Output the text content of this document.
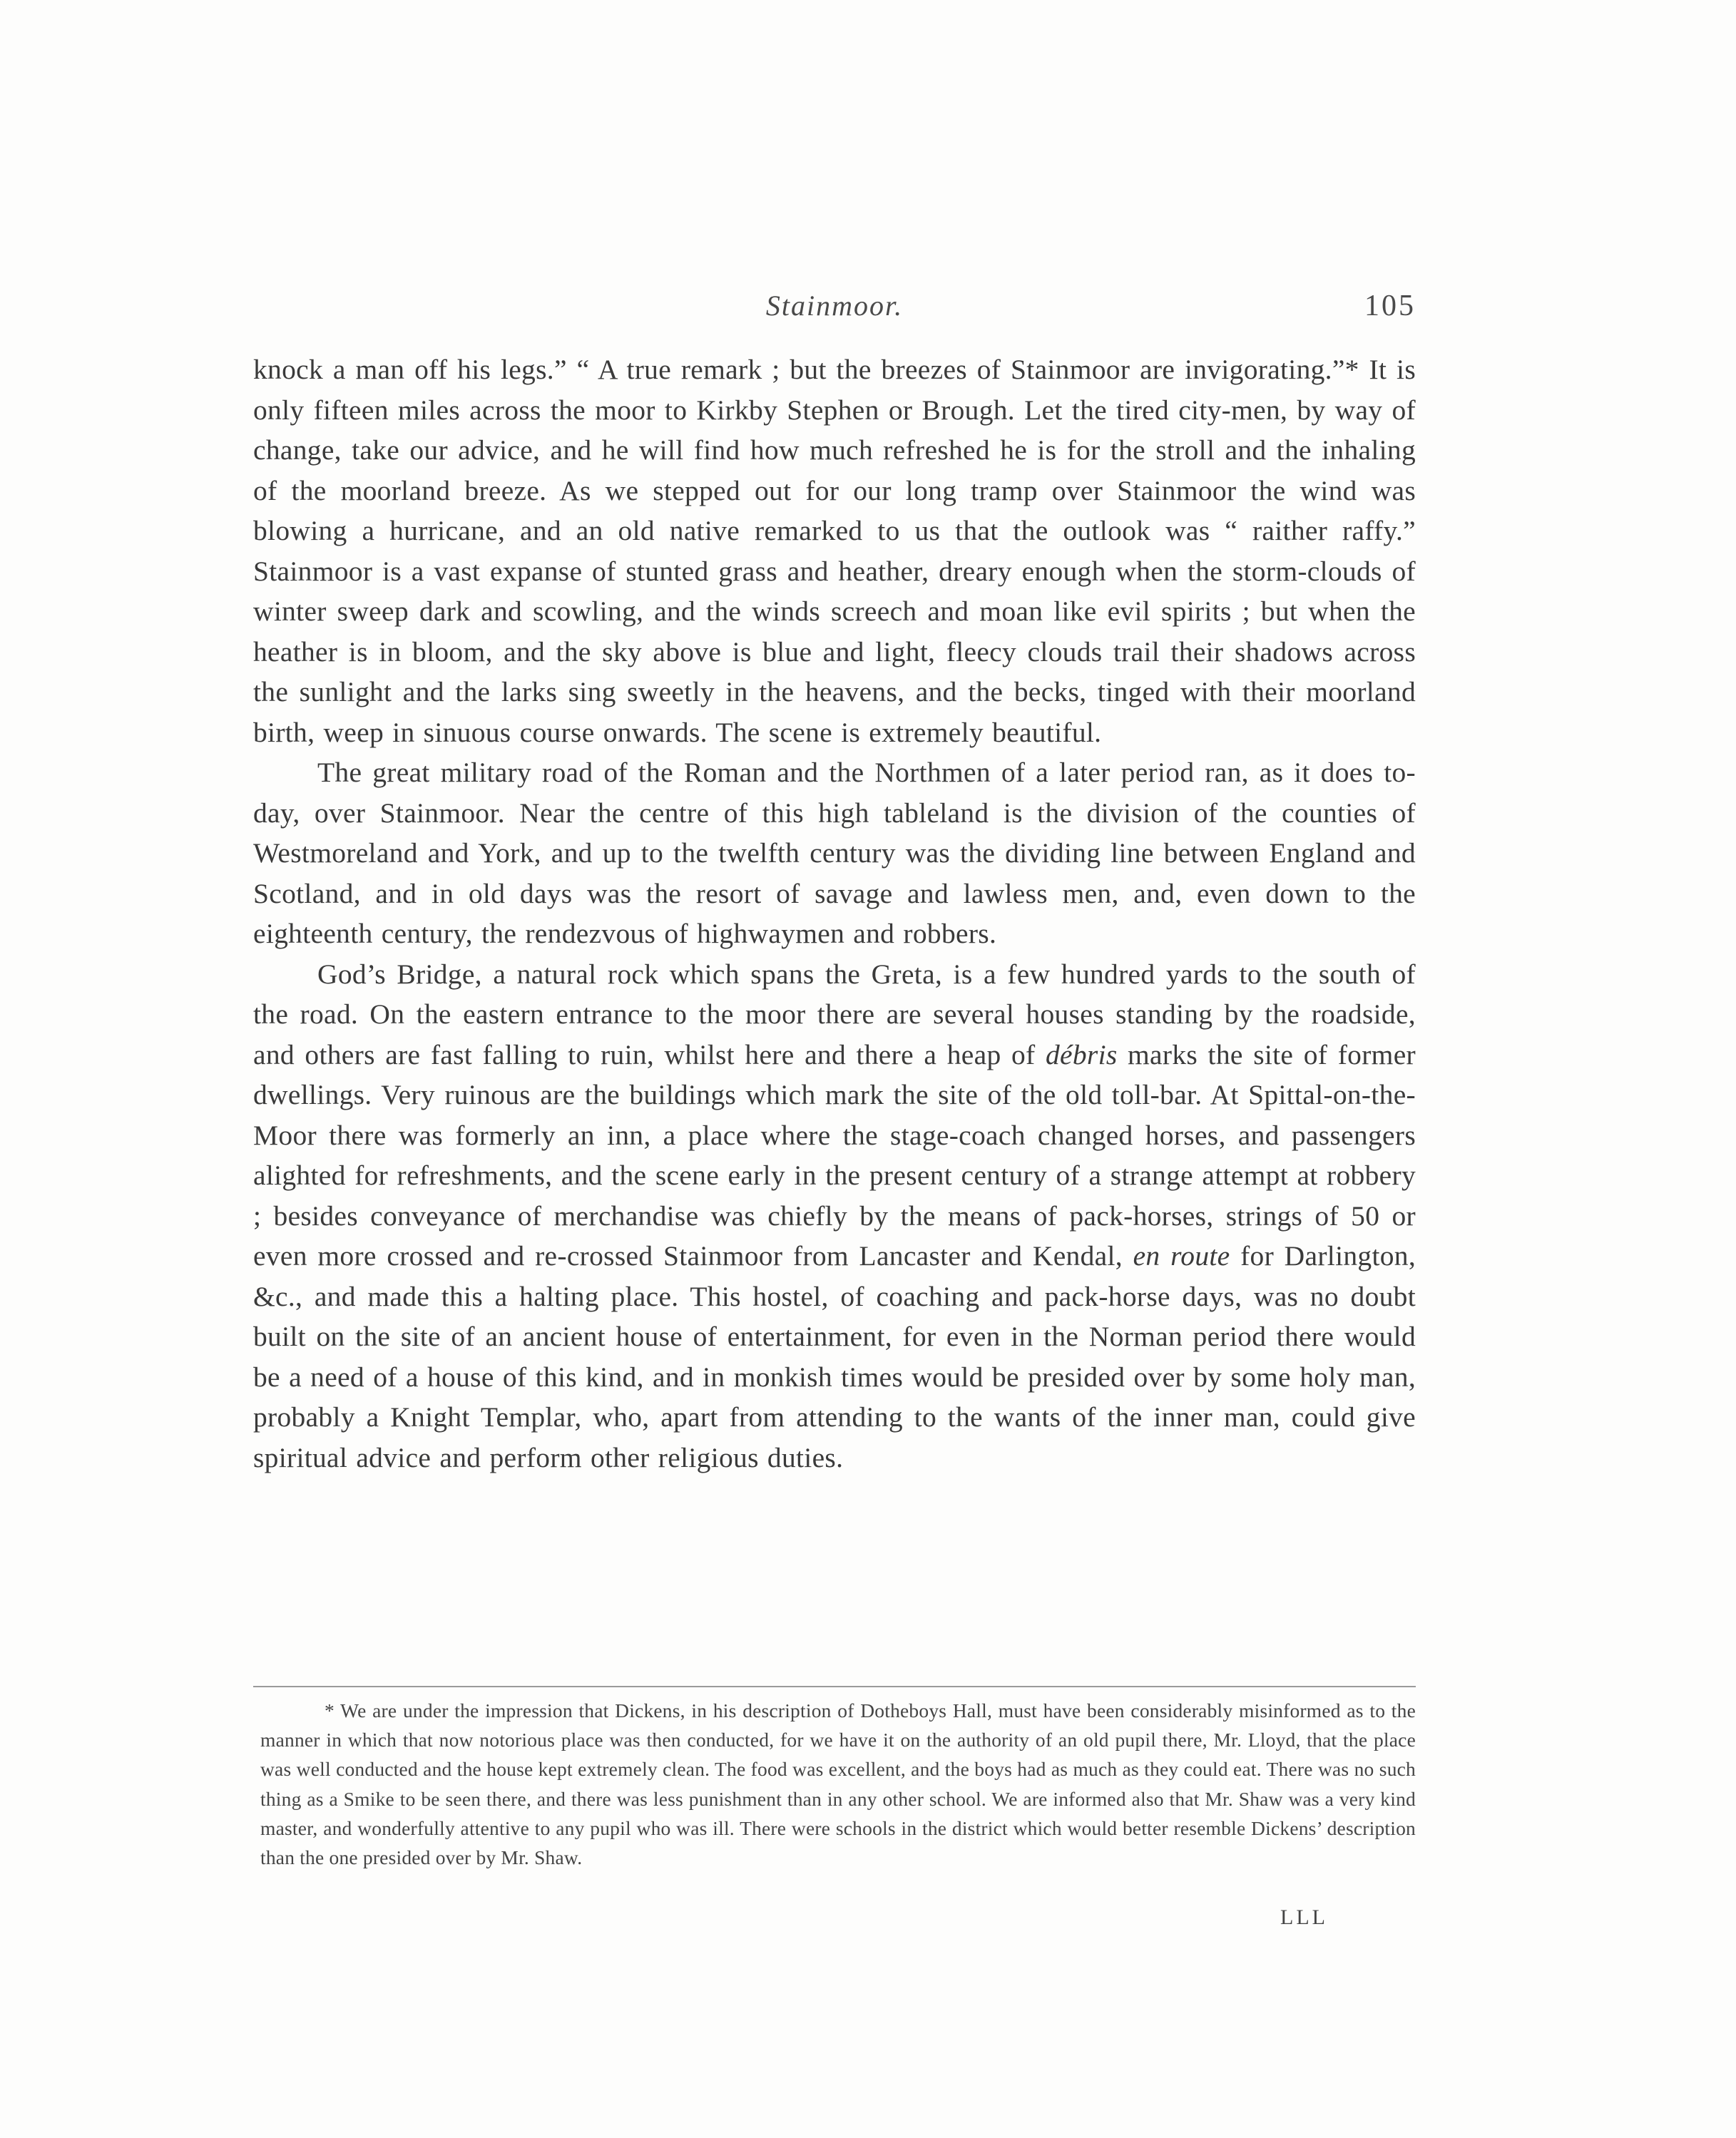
Stainmoor.	105

knock a man off his legs.” “ A true remark ; but the breezes of Stainmoor are invigorating.”* It is only fifteen miles across the moor to Kirkby Stephen or Brough. Let the tired city-men, by way of change, take our advice, and he will find how much refreshed he is for the stroll and the inhaling of the moorland breeze. As we stepped out for our long tramp over Stainmoor the wind was blowing a hurricane, and an old native remarked to us that the outlook was “ raither raffy.” Stainmoor is a vast expanse of stunted grass and heather, dreary enough when the storm-clouds of winter sweep dark and scowling, and the winds screech and moan like evil spirits ; but when the heather is in bloom, and the sky above is blue and light, fleecy clouds trail their shadows across the sunlight and the larks sing sweetly in the heavens, and the becks, tinged with their moorland birth, weep in sinuous course onwards. The scene is extremely beautiful.

The great military road of the Roman and the Northmen of a later period ran, as it does to-day, over Stainmoor. Near the centre of this high tableland is the division of the counties of Westmoreland and York, and up to the twelfth century was the dividing line between England and Scotland, and in old days was the resort of savage and lawless men, and, even down to the eighteenth century, the rendezvous of highwaymen and robbers.

God’s Bridge, a natural rock which spans the Greta, is a few hundred yards to the south of the road. On the eastern entrance to the moor there are several houses standing by the roadside, and others are fast falling to ruin, whilst here and there a heap of débris marks the site of former dwellings. Very ruinous are the buildings which mark the site of the old toll-bar. At Spittal-on-the-Moor there was formerly an inn, a place where the stage-coach changed horses, and passengers alighted for refreshments, and the scene early in the present century of a strange attempt at robbery ; besides conveyance of merchandise was chiefly by the means of pack-horses, strings of 50 or even more crossed and re-crossed Stainmoor from Lancaster and Kendal, en route for Darlington, &c., and made this a halting place. This hostel, of coaching and pack-horse days, was no doubt built on the site of an ancient house of entertainment, for even in the Norman period there would be a need of a house of this kind, and in monkish times would be presided over by some holy man, probably a Knight Templar, who, apart from attending to the wants of the inner man, could give spiritual advice and perform other religious duties.

* We are under the impression that Dickens, in his description of Dotheboys Hall, must have been considerably misinformed as to the manner in which that now notorious place was then conducted, for we have it on the authority of an old pupil there, Mr. Lloyd, that the place was well conducted and the house kept extremely clean. The food was excellent, and the boys had as much as they could eat. There was no such thing as a Smike to be seen there, and there was less punishment than in any other school. We are informed also that Mr. Shaw was a very kind master, and wonderfully attentive to any pupil who was ill. There were schools in the district which would better resemble Dickens’ description than the one presided over by Mr. Shaw.

LLL
